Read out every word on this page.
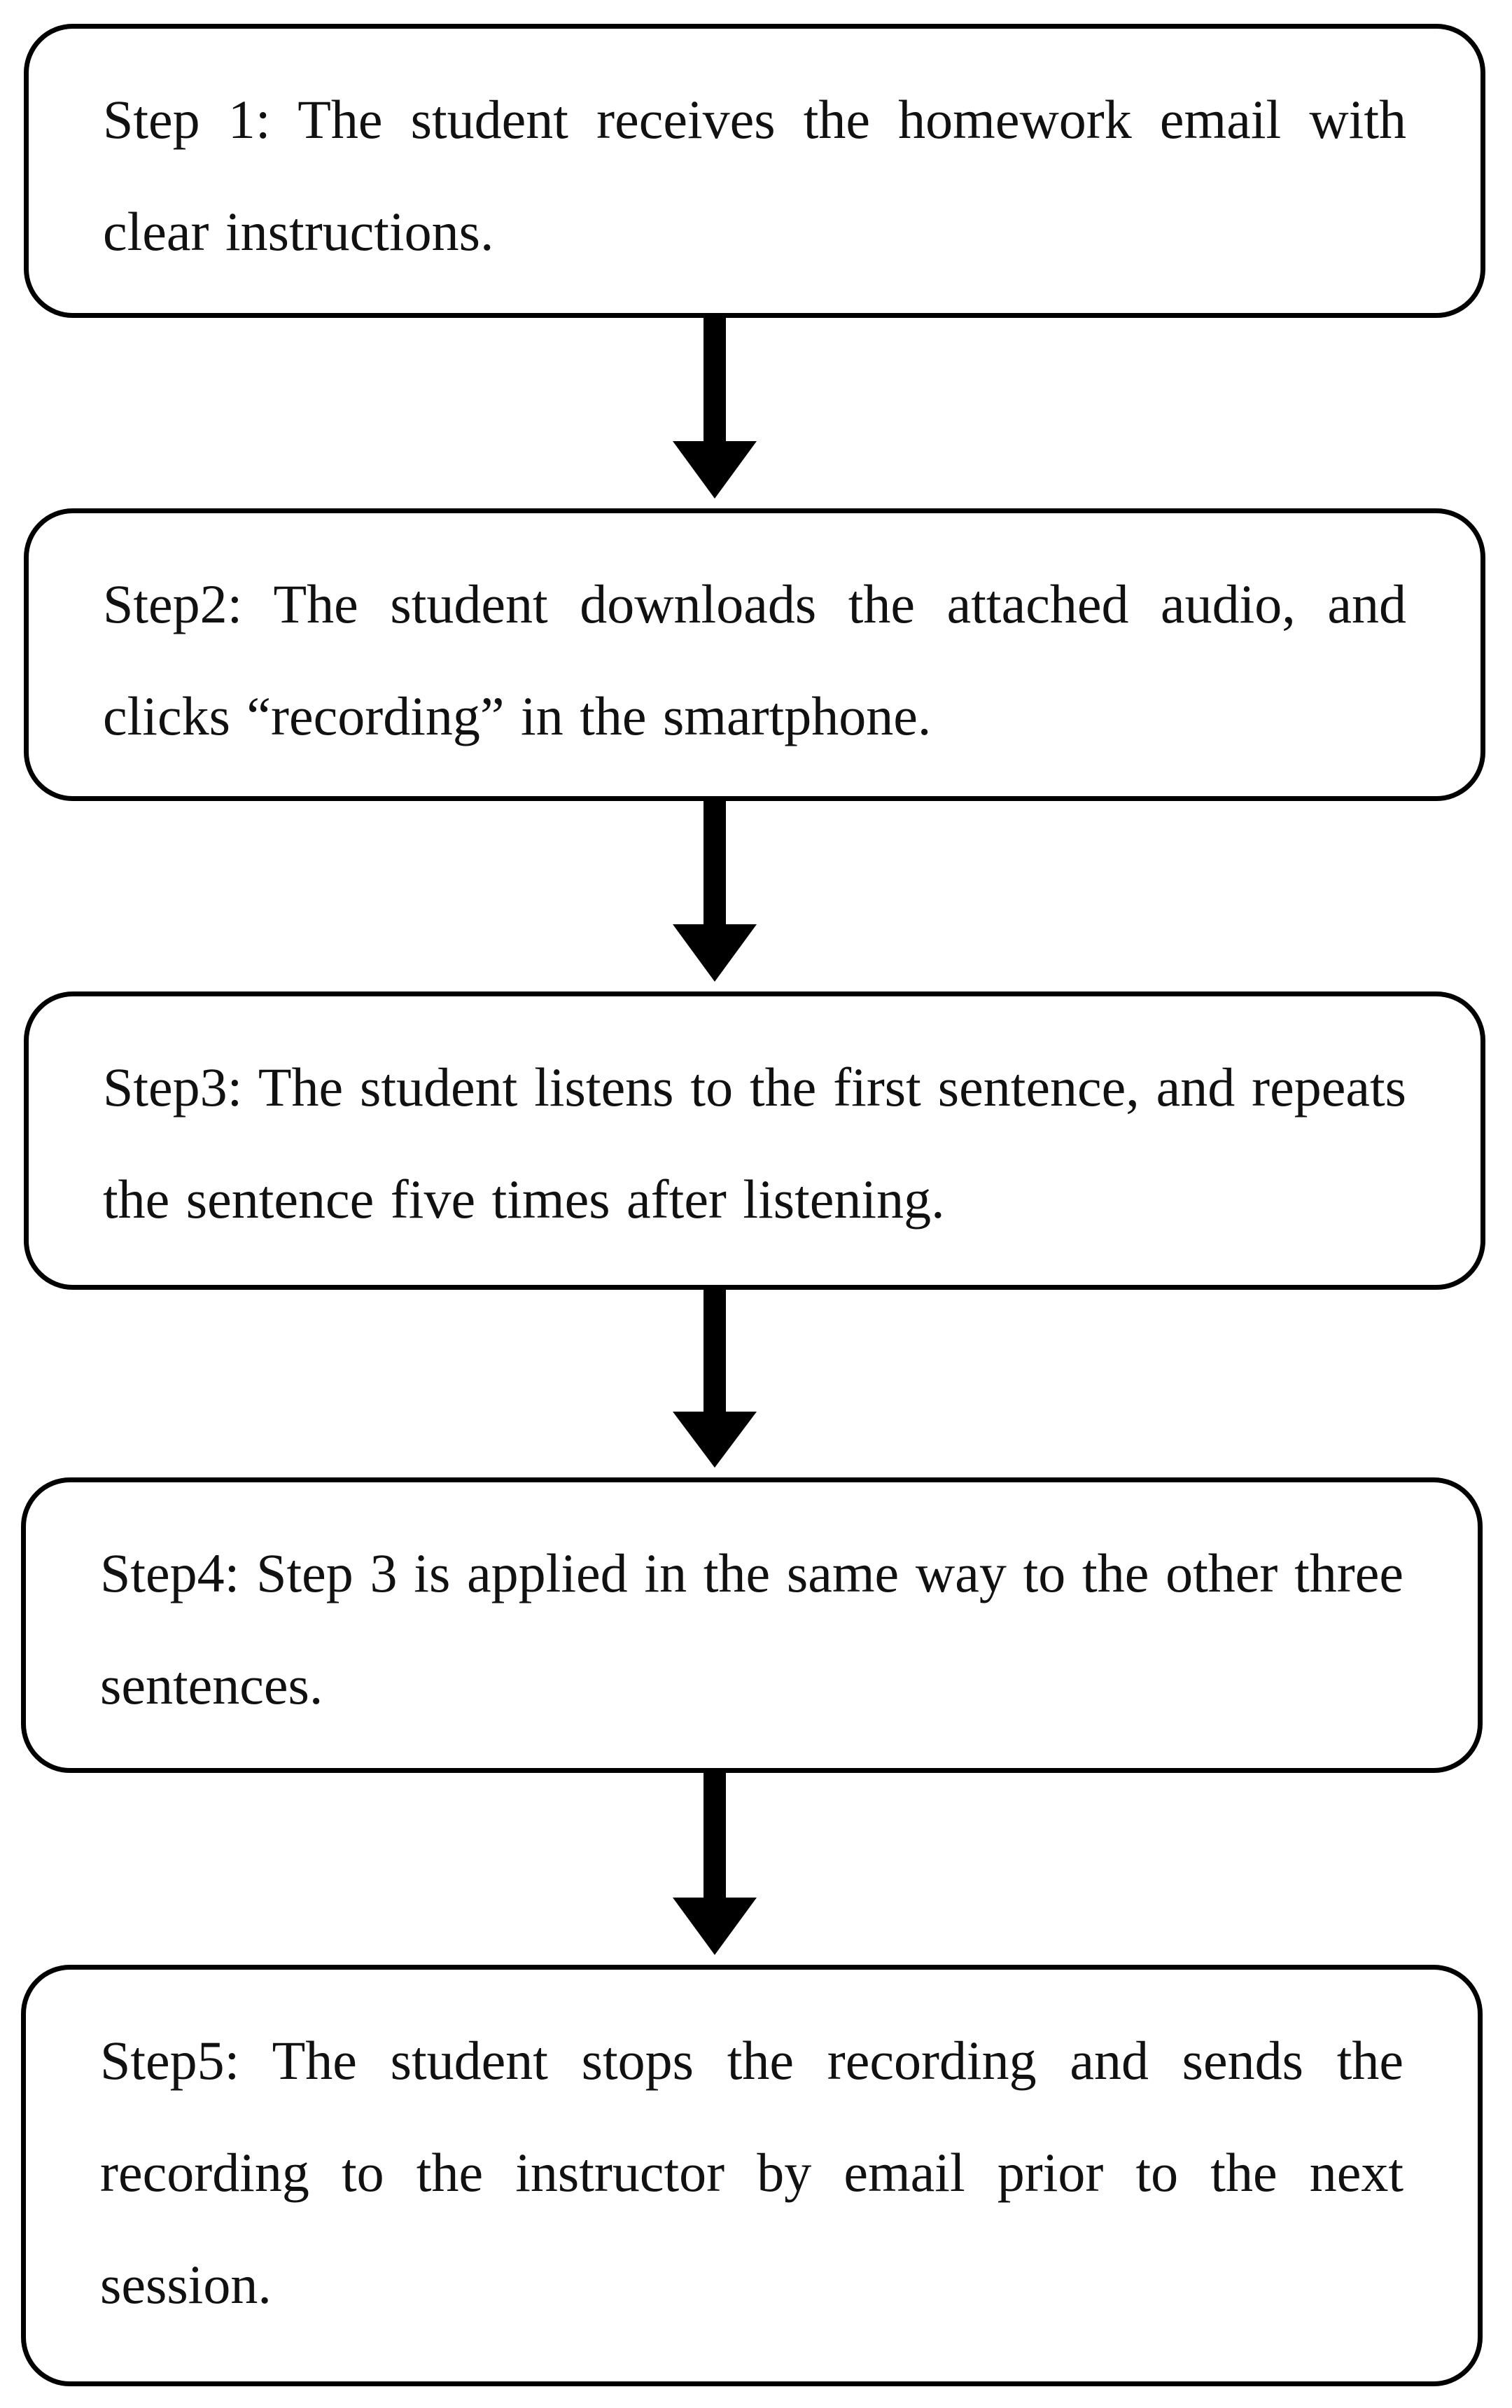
Step 1: The student receives the homework email with clear instructions.
Step2: The student downloads the attached audio, and clicks “recording” in the smartphone.
Step3: The student listens to the first sentence, and repeats the sentence five times after listening.
Step4: Step 3 is applied in the same way to the other three sentences.
Step5: The student stops the recording and sends the recording to the instructor by email prior to the next session.
